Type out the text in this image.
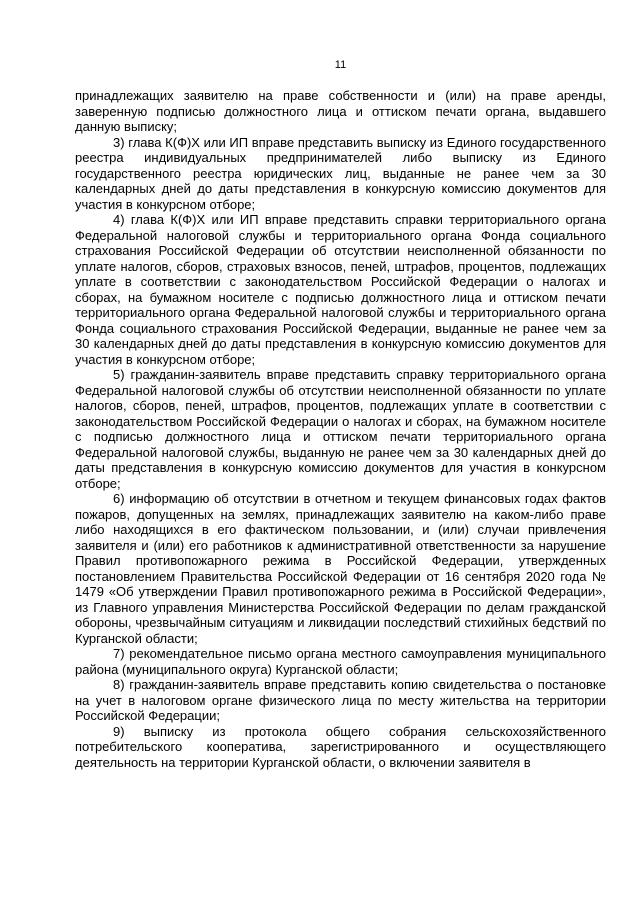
11

принадлежащих заявителю на праве собственности и (или) на праве аренды, заверенную подписью должностного лица и оттиском печати органа, выдавшего данную выписку;

3) глава К(Ф)Х или ИП вправе представить выписку из Единого государственного реестра индивидуальных предпринимателей либо выписку из Единого государственного реестра юридических лиц, выданные не ранее чем за 30 календарных дней до даты представления в конкурсную комиссию документов для участия в конкурсном отборе;

4) глава К(Ф)Х или ИП вправе представить справки территориального органа Федеральной налоговой службы и территориального органа Фонда социального страхования Российской Федерации об отсутствии неисполненной обязанности по уплате налогов, сборов, страховых взносов, пеней, штрафов, процентов, подлежащих уплате в соответствии с законодательством Российской Федерации о налогах и сборах, на бумажном носителе с подписью должностного лица и оттиском печати территориального органа Федеральной налоговой службы и территориального органа Фонда социального страхования Российской Федерации, выданные не ранее чем за 30 календарных дней до даты представления в конкурсную комиссию документов для участия в конкурсном отборе;

5) гражданин-заявитель вправе представить справку территориального органа Федеральной налоговой службы об отсутствии неисполненной обязанности по уплате налогов, сборов, пеней, штрафов, процентов, подлежащих уплате в соответствии с законодательством Российской Федерации о налогах и сборах, на бумажном носителе с подписью должностного лица и оттиском печати территориального органа Федеральной налоговой службы, выданную не ранее чем за 30 календарных дней до даты представления в конкурсную комиссию документов для участия в конкурсном отборе;

6) информацию об отсутствии в отчетном и текущем финансовых годах фактов пожаров, допущенных на землях, принадлежащих заявителю на каком-либо праве либо находящихся в его фактическом пользовании, и (или) случаи привлечения заявителя и (или) его работников к административной ответственности за нарушение Правил противопожарного режима в Российской Федерации, утвержденных постановлением Правительства Российской Федерации от 16 сентября 2020 года № 1479 «Об утверждении Правил противопожарного режима в Российской Федерации», из Главного управления Министерства Российской Федерации по делам гражданской обороны, чрезвычайным ситуациям и ликвидации последствий стихийных бедствий по Курганской области;

7) рекомендательное письмо органа местного самоуправления муниципального района (муниципального округа) Курганской области;

8) гражданин-заявитель вправе представить копию свидетельства о постановке на учет в налоговом органе физического лица по месту жительства на территории Российской Федерации;

9) выписку из протокола общего собрания сельскохозяйственного потребительского кооператива, зарегистрированного и осуществляющего деятельность на территории Курганской области, о включении заявителя в
